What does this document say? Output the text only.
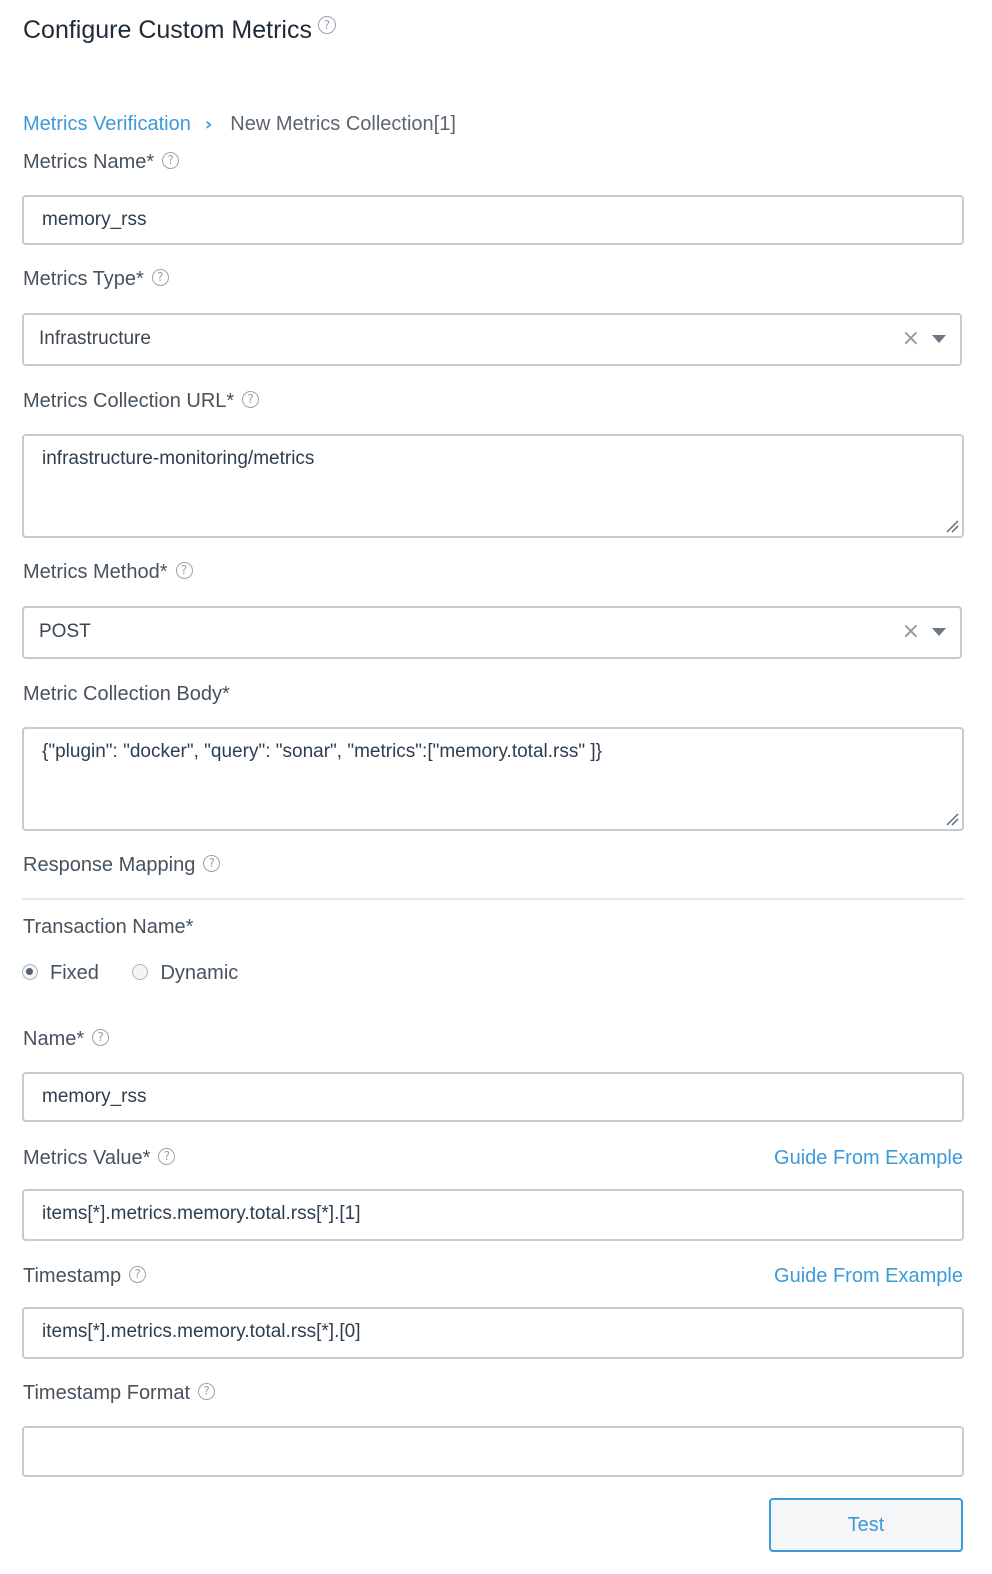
Configure Custom Metrics ?
Metrics Verification › New Metrics Collection[1]
Metrics Name* ?
memory_rss
Metrics Type* ?
Infrastructure	×
Metrics Collection URL* ?
infrastructure-monitoring/metrics
Metrics Method* ?
POST	×
Metric Collection Body*
{"plugin": "docker", "query": "sonar", "metrics":["memory.total.rss" ]}
Response Mapping ?
Transaction Name*
Fixed	Dynamic
Name* ?
memory_rss
Metrics Value* ?	Guide From Example
items[*].metrics.memory.total.rss[*].[1]
Timestamp ?	Guide From Example
items[*].metrics.memory.total.rss[*].[0]
Timestamp Format ?
Test
